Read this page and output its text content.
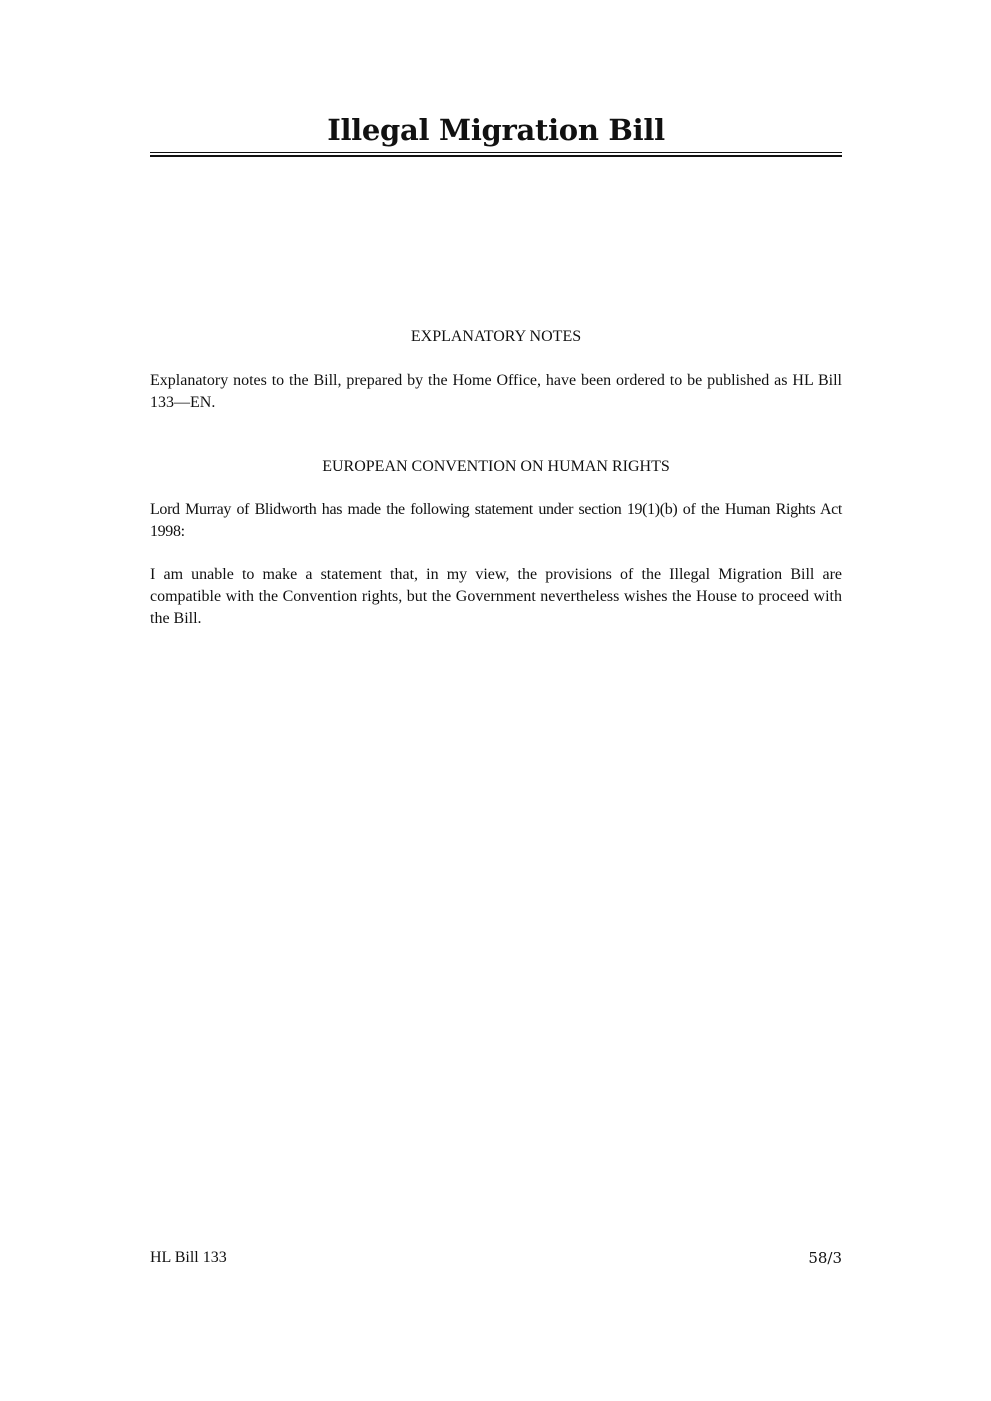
Illegal Migration Bill
EXPLANATORY NOTES
Explanatory notes to the Bill, prepared by the Home Office, have been ordered to be published as HL Bill 133—EN.
EUROPEAN CONVENTION ON HUMAN RIGHTS
Lord Murray of Blidworth has made the following statement under section 19(1)(b) of the Human Rights Act 1998:
I am unable to make a statement that, in my view, the provisions of the Illegal Migration Bill are compatible with the Convention rights, but the Government nevertheless wishes the House to proceed with the Bill.
HL Bill 133	58/3
